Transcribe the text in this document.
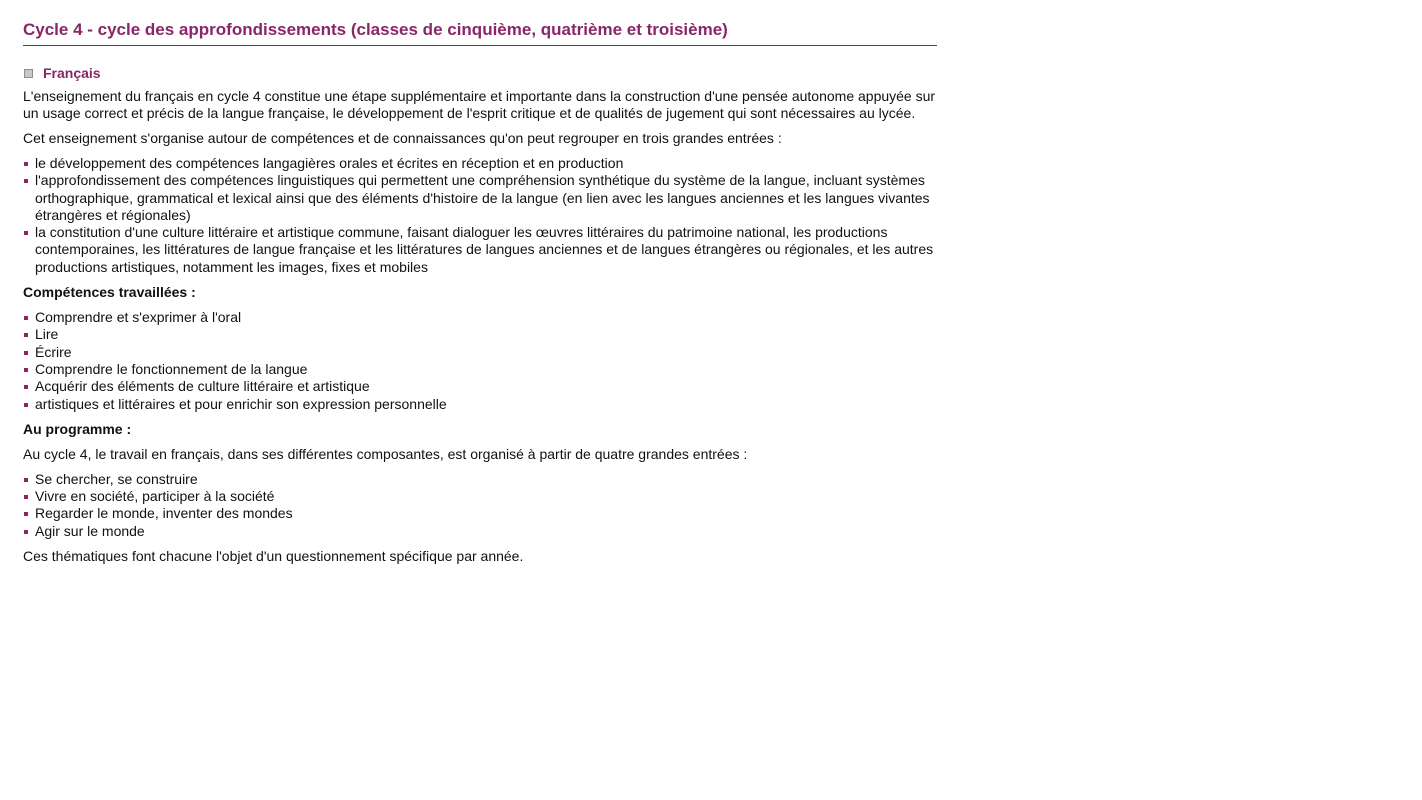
Cycle 4 - cycle des approfondissements (classes de cinquième, quatrième et troisième)
Français

L'enseignement du français en cycle 4 constitue une étape supplémentaire et importante dans la construction d'une pensée autonome appuyée sur un usage correct et précis de la langue française, le développement de l'esprit critique et de qualités de jugement qui sont nécessaires au lycée.

Cet enseignement s'organise autour de compétences et de connaissances qu'on peut regrouper en trois grandes entrées :

le développement des compétences langagières orales et écrites en réception et en production
l'approfondissement des compétences linguistiques qui permettent une compréhension synthétique du système de la langue, incluant systèmes orthographique, grammatical et lexical ainsi que des éléments d'histoire de la langue (en lien avec les langues anciennes et les langues vivantes étrangères et régionales)
la constitution d'une culture littéraire et artistique commune, faisant dialoguer les œuvres littéraires du patrimoine national, les productions contemporaines, les littératures de langue française et les littératures de langues anciennes et de langues étrangères ou régionales, et les autres productions artistiques, notamment les images, fixes et mobiles
Compétences travaillées :
Comprendre et s'exprimer à l'oral
Lire
Écrire
Comprendre le fonctionnement de la langue
Acquérir des éléments de culture littéraire et artistique
artistiques et littéraires et pour enrichir son expression personnelle
Au programme :

Au cycle 4, le travail en français, dans ses différentes composantes, est organisé à partir de quatre grandes entrées :

Se chercher, se construire
Vivre en société, participer à la société
Regarder le monde, inventer des mondes
Agir sur le monde

Ces thématiques font chacune l'objet d'un questionnement spécifique par année.
